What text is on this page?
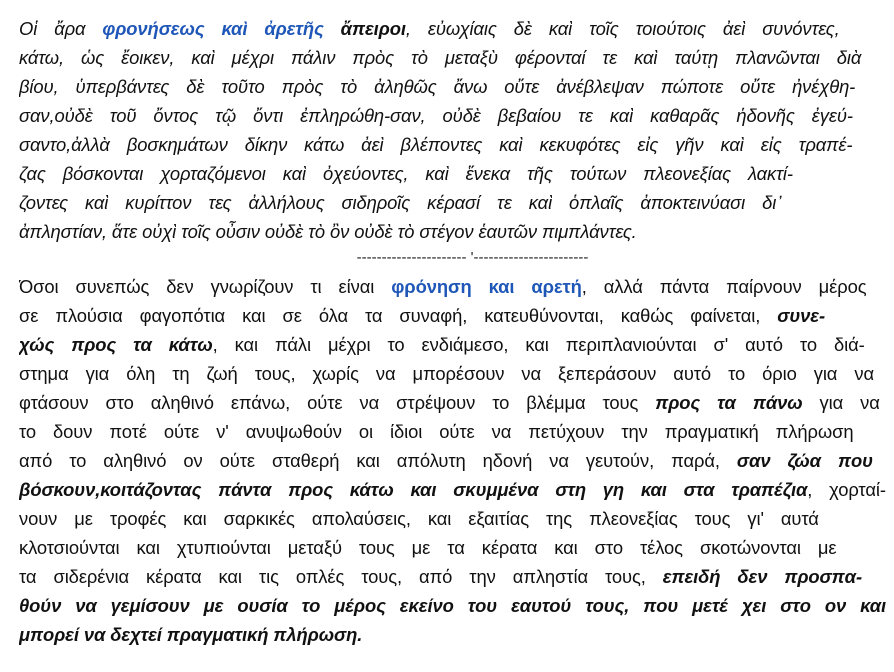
Οἱ ἄρα φρονήσεως καὶ ἀρετῆς ἄπειροι, εὐωχίαις δὲ καὶ τοῖς τοιούτοις ἀεὶ συνόντες,
κάτω, ὡς ἔοικεν, καὶ μέχρι πάλιν πρὸς τὸ μεταξὺ φέρονταί τε καὶ ταύτῃ πλανῶνται διὰ
βίου, ὑπερβάντες δὲ τοῦτο πρὸς τὸ ἀληθῶς ἄνω οὔτε ἀνέβλεψαν πώποτε οὔτε ἠνέχθη-
σαν,οὐδὲ τοῦ ὄντος τῷ ὄντι ἐπληρώθη-σαν, οὐδὲ βεβαίου τε καὶ καθαρᾶς ἡδονῆς ἐγεύ-
σαντο,ἀλλὰ βοσκημάτων δίκην κάτω ἀεὶ βλέποντες καὶ κεκυφότες εἰς γῆν καὶ εἰς τραπέ-
ζας βόσκονται χορταζόμενοι καὶ ὀχεύοντες, καὶ ἕνεκα τῆς τούτων πλεονεξίας λακτί-
ζοντες καὶ κυρίττον τες ἀλλήλους σιδηροῖς κέρασί τε καὶ ὁπλαῖς ἀποκτεινύασι δι᾽
ἀπληστίαν, ἅτε οὐχὶ τοῖς οὖσιν οὐδὲ τὸ ὂν οὐδὲ τὸ στέγον ἑαυτῶν πιμπλάντες.
---------------------- '-----------------------
Όσοι συνεπώς δεν γνωρίζουν τι είναι φρόνηση και αρετή, αλλά πάντα παίρνουν μέρος
σε πλούσια φαγοπότια και σε όλα τα συναφή, κατευθύνονται, καθώς φαίνεται, συνε-
χώς προς τα κάτω, και πάλι μέχρι το ενδιάμεσο, και περιπλανιούνται σ' αυτό το διά-
στημα για όλη τη ζωή τους, χωρίς να μπορέσουν να ξεπεράσουν αυτό το όριο για να
φτάσουν στο αληθινό επάνω, ούτε να στρέψουν το βλέμμα τους προς τα πάνω για να
το δουν ποτέ ούτε ν' ανυψωθούν οι ίδιοι ούτε να πετύχουν την πραγματική πλήρωση
από το αληθινό ον ούτε σταθερή και απόλυτη ηδονή να γευτούν, παρά, σαν ζώα που
βόσκουν,κοιτάζοντας πάντα προς κάτω και σκυμμένα στη γη και στα τραπέζια, χορταί-
νουν με τροφές και σαρκικές απολαύσεις, και εξαιτίας της πλεονεξίας τους γι' αυτά
κλοτσιούνται και χτυπιούνται μεταξύ τους με τα κέρατα και στο τέλος σκοτώνονται με
τα σιδερένια κέρατα και τις οπλές τους, από την απληστία τους, επειδή δεν προσπα-
θούν να γεμίσουν με ουσία το μέρος εκείνο του εαυτού τους, που μετέ χει στο ον και
μπορεί να δεχτεί πραγματική πλήρωση.
